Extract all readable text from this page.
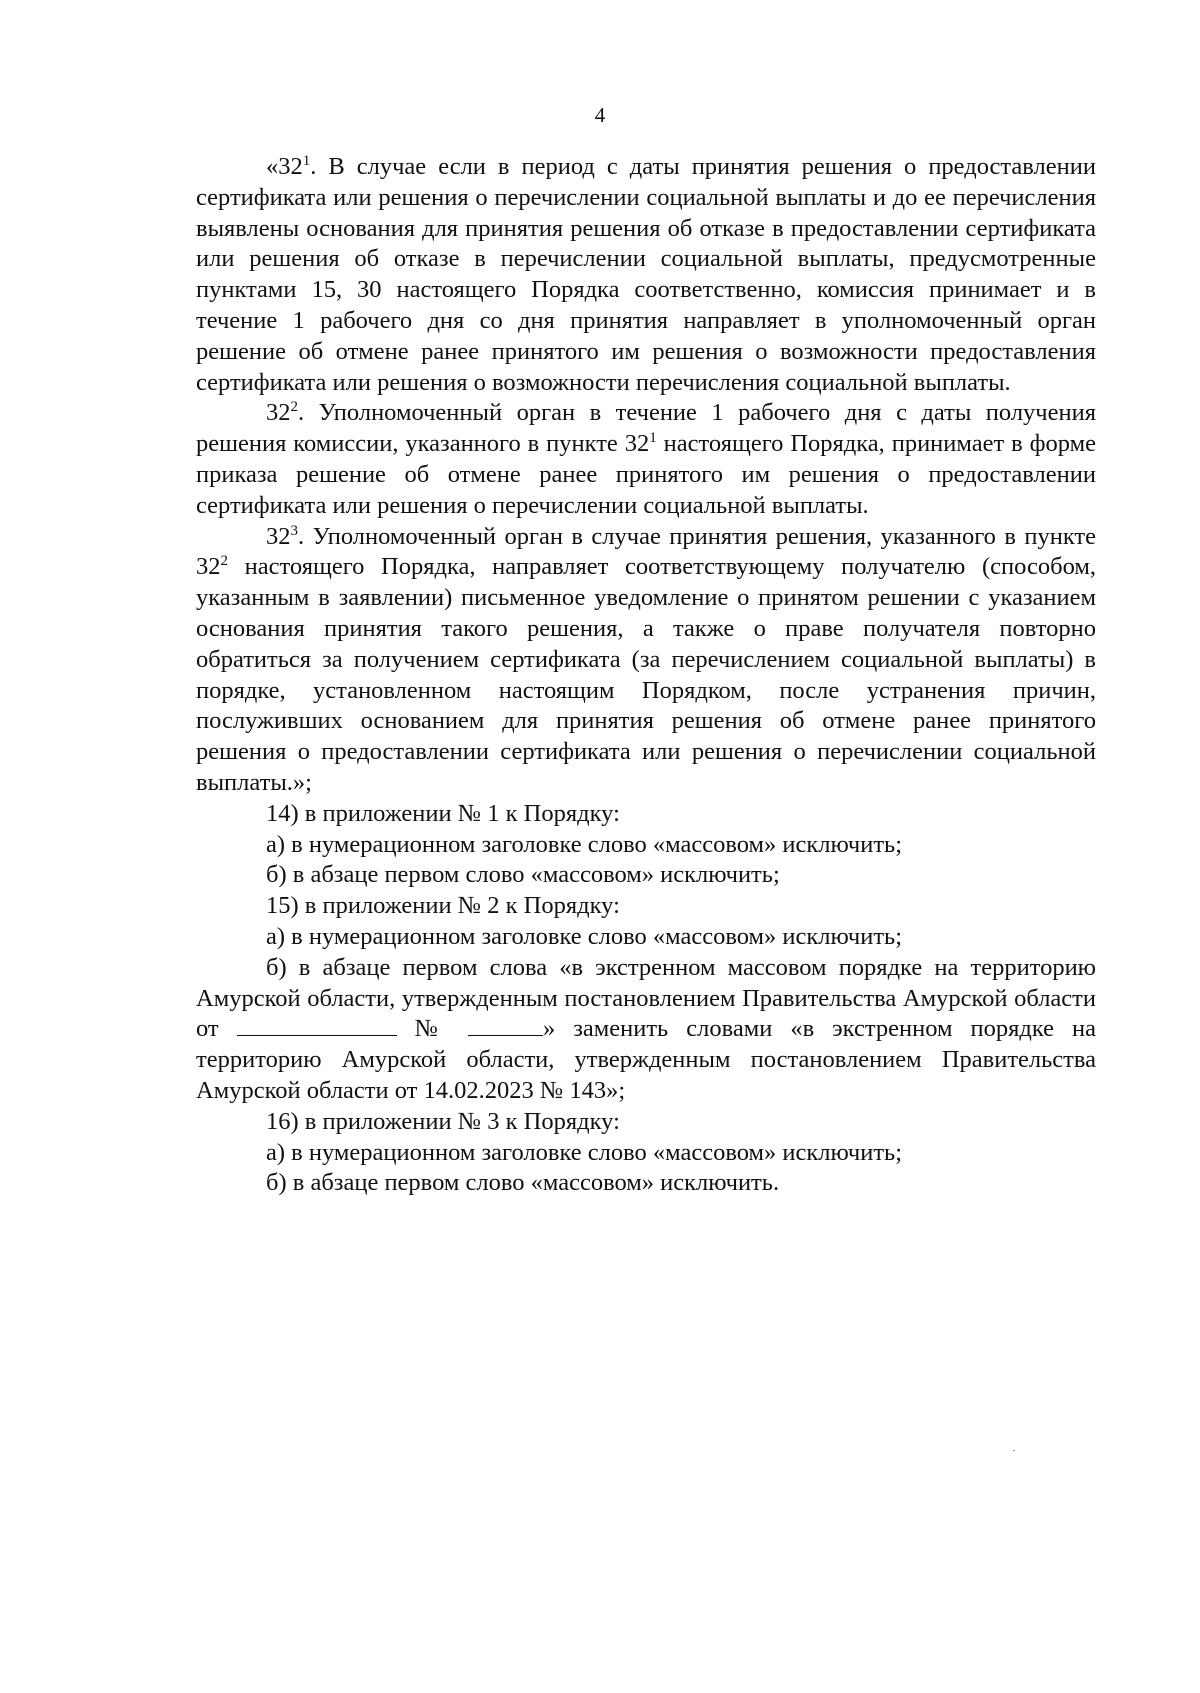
4

«$32^1$. В случае если в период с даты принятия решения о предоставлении сертификата или решения о перечислении социальной выплаты и до ее перечисления выявлены основания для принятия решения об отказе в предоставлении сертификата или решения об отказе в перечислении социальной выплаты, предусмотренные пунктами 15, 30 настоящего Порядка соответственно, комиссия принимает и в течение 1 рабочего дня со дня принятия направляет в уполномоченный орган решение об отмене ранее принятого им решения о возможности предоставления сертификата или решения о возможности перечисления социальной выплаты.

$32^2$. Уполномоченный орган в течение 1 рабочего дня с даты получения решения комиссии, указанного в пункте $32^1$ настоящего Порядка, принимает в форме приказа решение об отмене ранее принятого им решения о предоставлении сертификата или решения о перечислении социальной выплаты.

$32^3$. Уполномоченный орган в случае принятия решения, указанного в пункте $32^2$ настоящего Порядка, направляет соответствующему получателю (способом, указанным в заявлении) письменное уведомление о принятом решении с указанием основания принятия такого решения, а также о праве получателя повторно обратиться за получением сертификата (за перечислением социальной выплаты) в порядке, установленном настоящим Порядком, после устранения причин, послуживших основанием для принятия решения об отмене ранее принятого решения о предоставлении сертификата или решения о перечислении социальной выплаты.»;

14) в приложении № 1 к Порядку:

а) в нумерационном заголовке слово «массовом» исключить;

б) в абзаце первом слово «массовом» исключить;

15) в приложении № 2 к Порядку:

а) в нумерационном заголовке слово «массовом» исключить;

б) в абзаце первом слова «в экстренном массовом порядке на территорию Амурской области, утвержденным постановлением Правительства Амурской области от	№	» заменить словами «в экстренном порядке на территорию Амурской области, утвержденным постановлением Правительства Амурской области от 14.02.2023 № 143»;

16) в приложении № 3 к Порядку:

а) в нумерационном заголовке слово «массовом» исключить;

б) в абзаце первом слово «массовом» исключить.
